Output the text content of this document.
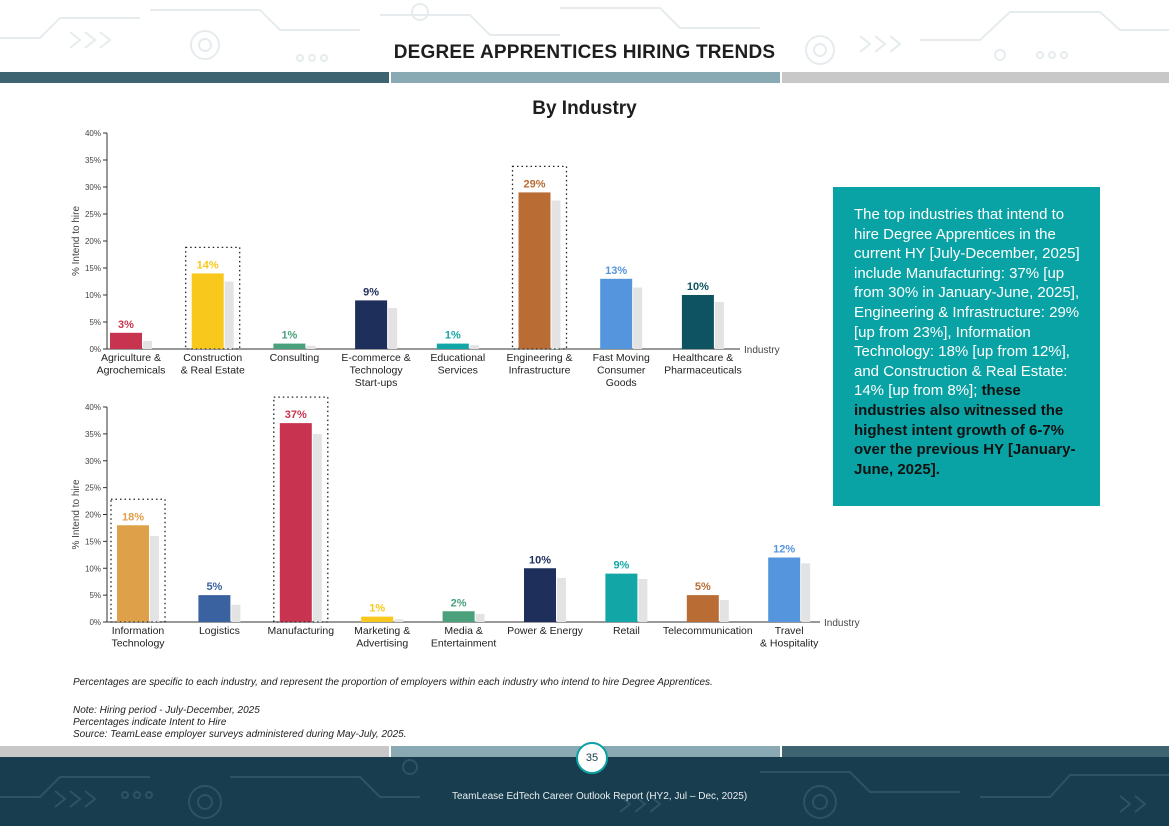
DEGREE APPRENTICES HIRING TRENDS
By Industry
0%
5%
10%
15%
20%
25%
30%
35%
40%
% Intend to hire
Industry
3%
Agriculture &
Agrochemicals
14%
Construction
& Real Estate
1%
Consulting
9%
E-commerce &
Technology
Start-ups
1%
Educational
Services
29%
Engineering &
Infrastructure
13%
Fast Moving
Consumer
Goods
10%
Healthcare &
Pharmaceuticals
0%
5%
10%
15%
20%
25%
30%
35%
40%
% Intend to hire
Industry
18%
Information
Technology
5%
Logistics
37%
Manufacturing
1%
Marketing &
Advertising
2%
Media &
Entertainment
10%
Power & Energy
9%
Retail
5%
Telecommunication
12%
Travel
& Hospitality
The top industries that intend to hire Degree Apprentices in the current HY [July-December, 2025] include Manufacturing: 37% [up from 30% in January-June, 2025], Engineering & Infrastructure: 29% [up from 23%], Information Technology: 18% [up from 12%], and Construction & Real Estate: 14% [up from 8%]; these industries also witnessed the highest intent growth of 6-7% over the previous HY [January-June, 2025].
Percentages are specific to each industry, and represent the proportion of employers within each industry who intend to hire Degree Apprentices.
Note: Hiring period - July-December, 2025
Percentages indicate Intent to Hire
Source: TeamLease employer surveys administered during May-July, 2025.
TeamLease EdTech Career Outlook Report (HY2, Jul – Dec, 2025)
35
